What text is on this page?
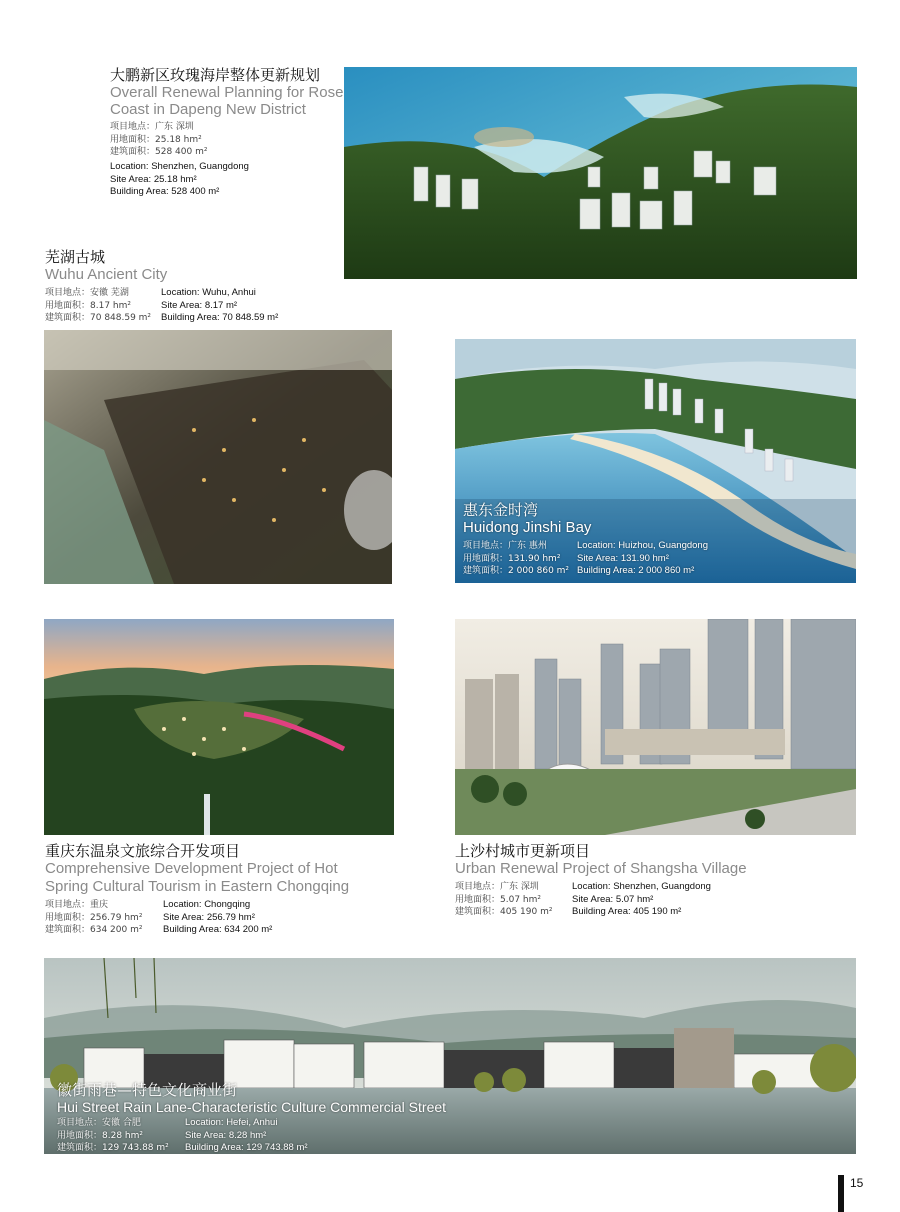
大鹏新区玫瑰海岸整体更新规划
Overall Renewal Planning for Rose
Coast in Dapeng New District
项目地点：广东 深圳
用地面积：25.18 hm²
建筑面积：528 400 m²
Location: Shenzhen, Guangdong
Site Area: 25.18 hm²
Building Area: 528 400 m²
芜湖古城
Wuhu Ancient City
项目地点：安徽 芜湖
用地面积：8.17 hm²
建筑面积：70 848.59 m²
Location: Wuhu, Anhui
Site Area: 8.17 m²
Building Area: 70 848.59 m²
惠东金时湾
Huidong Jinshi Bay
项目地点：广东 惠州
用地面积：131.90 hm²
建筑面积：2 000 860 m²
Location: Huizhou, Guangdong
Site Area: 131.90 hm²
Building Area: 2 000 860 m²
重庆东温泉文旅综合开发项目
Comprehensive Development Project of Hot
Spring Cultural Tourism in Eastern Chongqing
项目地点：重庆
用地面积：256.79 hm²
建筑面积：634 200 m²
Location: Chongqing
Site Area: 256.79 hm²
Building Area: 634 200 m²
上沙村城市更新项目
Urban Renewal Project of Shangsha Village
项目地点：广东 深圳
用地面积：5.07 hm²
建筑面积：405 190 m²
Location: Shenzhen, Guangdong
Site Area: 5.07 hm²
Building Area: 405 190 m²
徽街雨巷—特色文化商业街
Hui Street Rain Lane-Characteristic Culture Commercial Street
项目地点：安徽 合肥
用地面积：8.28 hm²
建筑面积：129 743.88 m²
Location: Hefei, Anhui
Site Area: 8.28 hm²
Building Area: 129 743.88 m²
15
